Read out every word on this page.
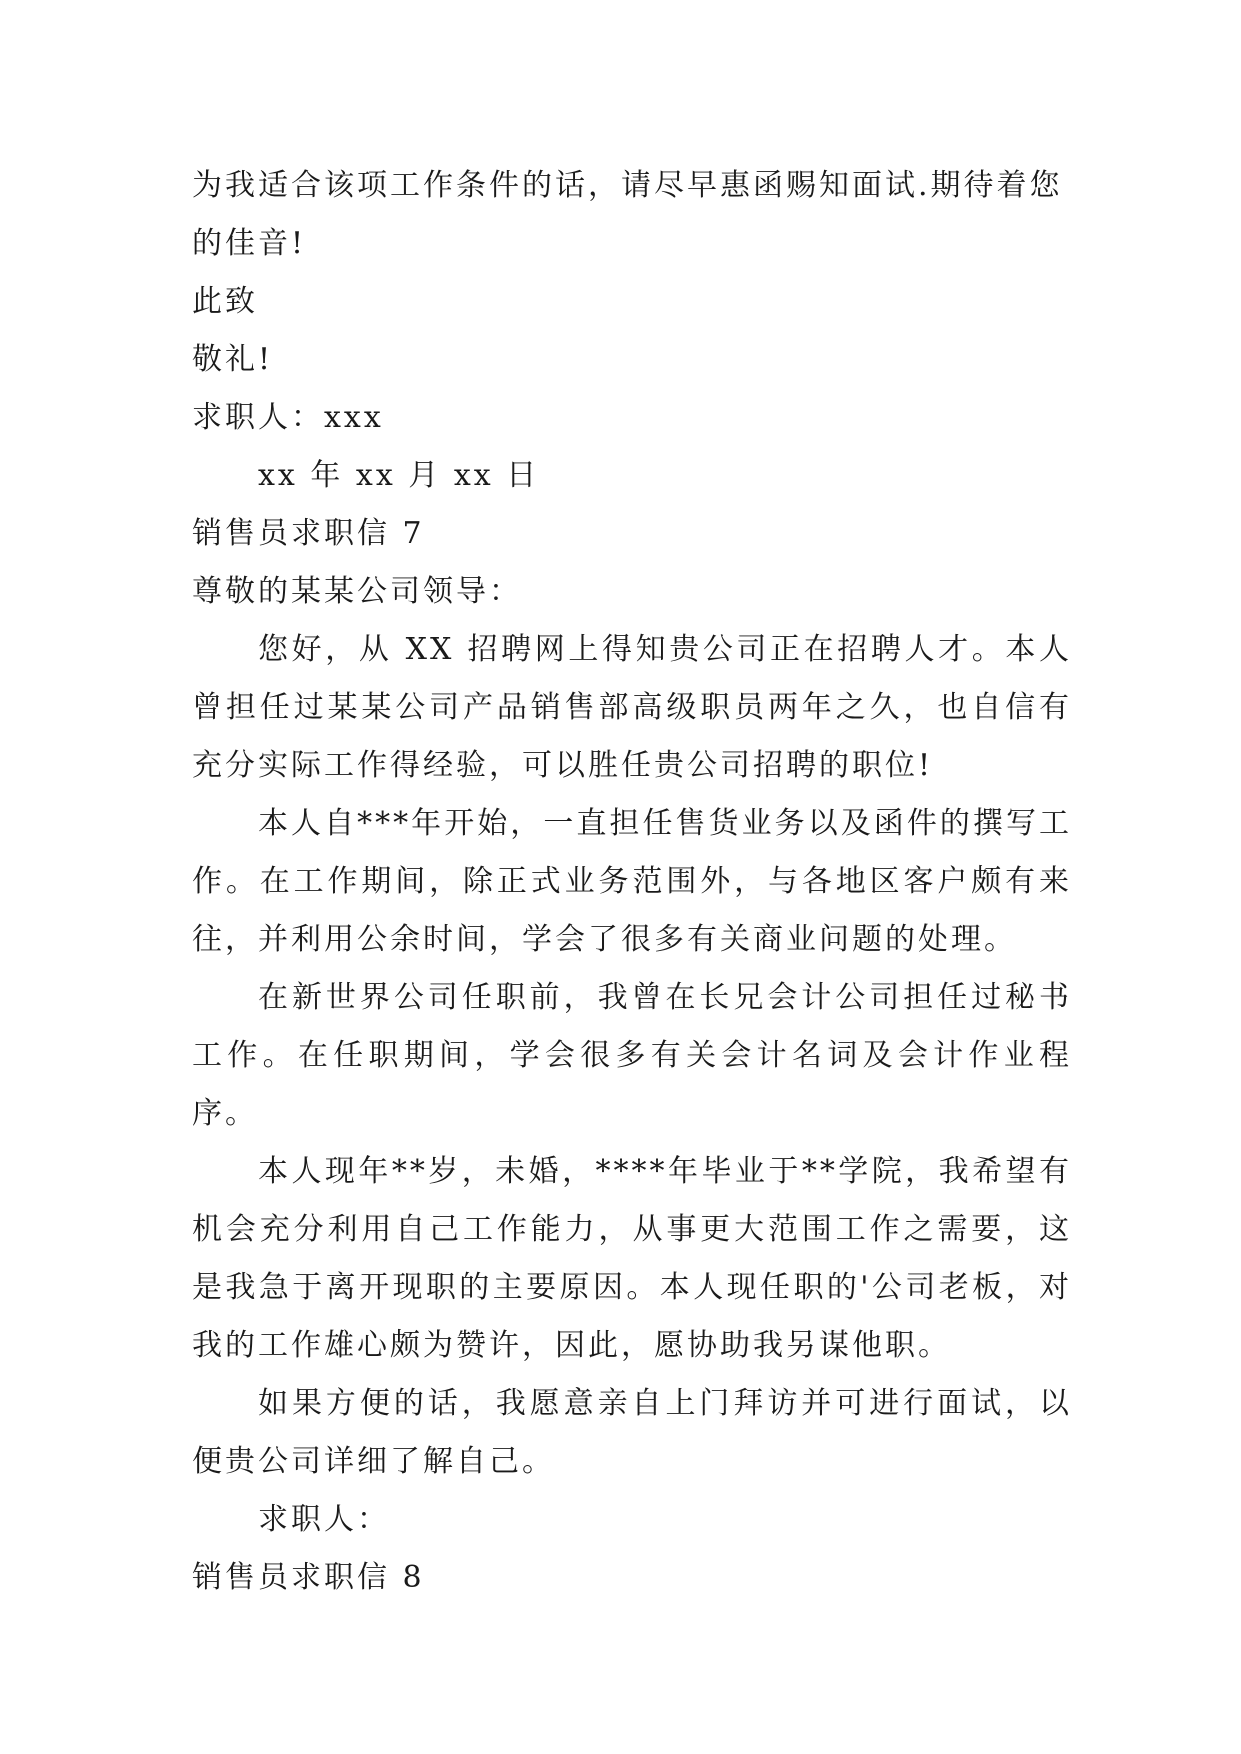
为我适合该项工作条件的话，请尽早惠函赐知面试.期待着您的佳音!
此致
敬礼!
求职人：xxx
xx 年 xx 月 xx 日
销售员求职信 7
尊敬的某某公司领导：
您好，从 XX 招聘网上得知贵公司正在招聘人才。本人曾担任过某某公司产品销售部高级职员两年之久，也自信有充分实际工作得经验，可以胜任贵公司招聘的职位!
本人自***年开始，一直担任售货业务以及函件的撰写工作。在工作期间，除正式业务范围外，与各地区客户颇有来往，并利用公余时间，学会了很多有关商业问题的处理。
在新世界公司任职前，我曾在长兄会计公司担任过秘书工作。在任职期间，学会很多有关会计名词及会计作业程序。
本人现年**岁，未婚，****年毕业于**学院，我希望有机会充分利用自己工作能力，从事更大范围工作之需要，这是我急于离开现职的主要原因。本人现任职的'公司老板，对我的工作雄心颇为赞许，因此，愿协助我另谋他职。
如果方便的话，我愿意亲自上门拜访并可进行面试，以便贵公司详细了解自己。
求职人：
销售员求职信 8
